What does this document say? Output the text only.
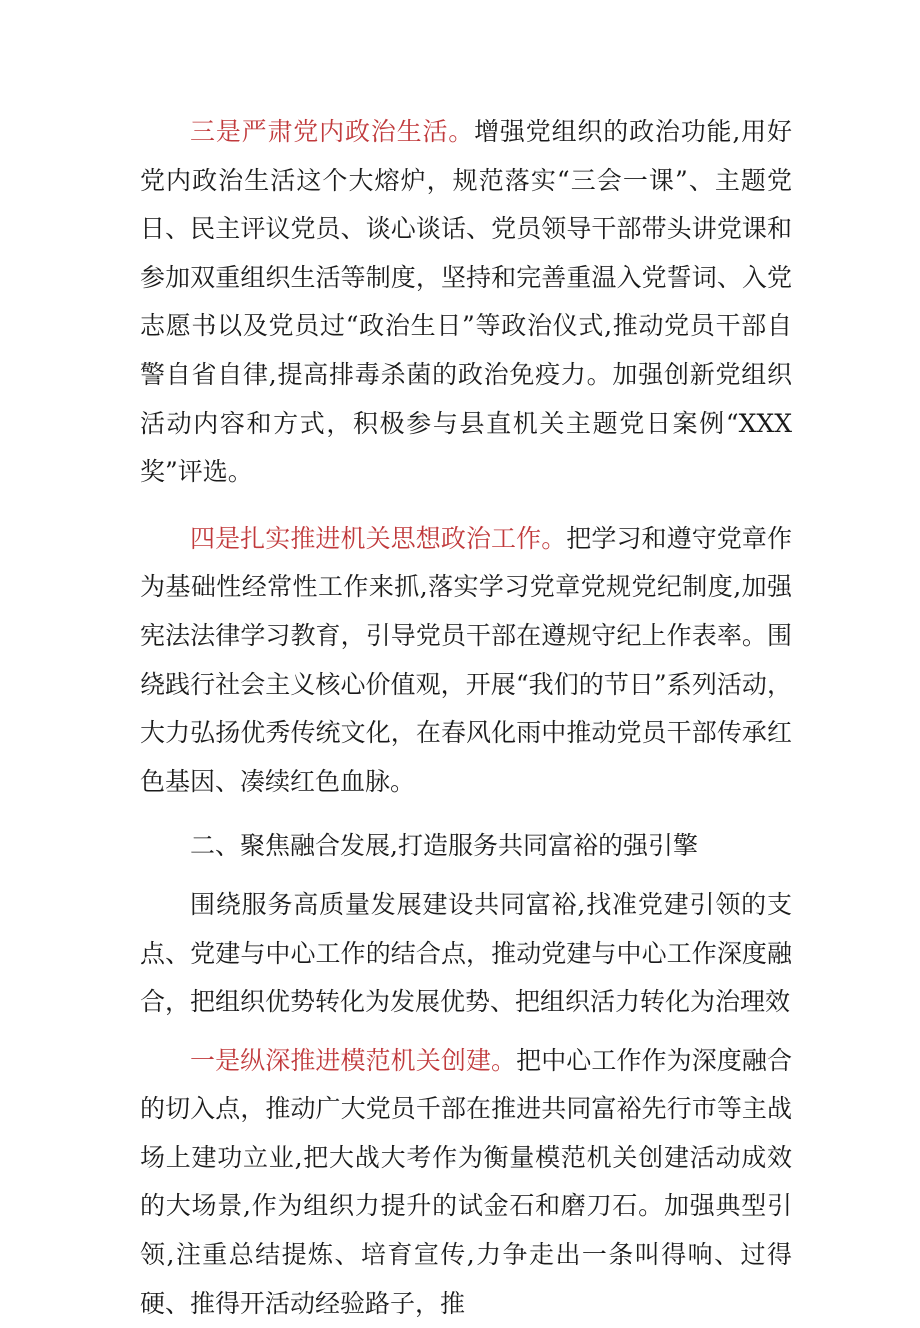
三是严肃党内政治生活。增强党组织的政治功能,用好党内政治生活这个大熔炉，规范落实“三会一课”、主题党日、民主评议党员、谈心谈话、党员领导干部带头讲党课和参加双重组织生活等制度，坚持和完善重温入党誓词、入党志愿书以及党员过“政治生日”等政治仪式,推动党员干部自警自省自律,提高排毒杀菌的政治免疫力。加强创新党组织活动内容和方式，积极参与县直机关主题党日案例“XXX奖”评选。

四是扎实推进机关思想政治工作。把学习和遵守党章作为基础性经常性工作来抓,落实学习党章党规党纪制度,加强宪法法律学习教育，引导党员干部在遵规守纪上作表率。围绕践行社会主义核心价值观，开展“我们的节日”系列活动，大力弘扬优秀传统文化，在春风化雨中推动党员干部传承红色基因、凑续红色血脉。

二、聚焦融合发展,打造服务共同富裕的强引擎

围绕服务高质量发展建设共同富裕,找准党建引领的支点、党建与中心工作的结合点，推动党建与中心工作深度融合，把组织优势转化为发展优势、把组织活力转化为治理效

一是纵深推进模范机关创建。把中心工作作为深度融合的切入点，推动广大党员千部在推进共同富裕先行市等主战场上建功立业,把大战大考作为衡量模范机关创建活动成效的大场景,作为组织力提升的试金石和磨刀石。加强典型引领,注重总结提炼、培育宣传,力争走出一条叫得响、过得硬、推得开活动经验路子，推
